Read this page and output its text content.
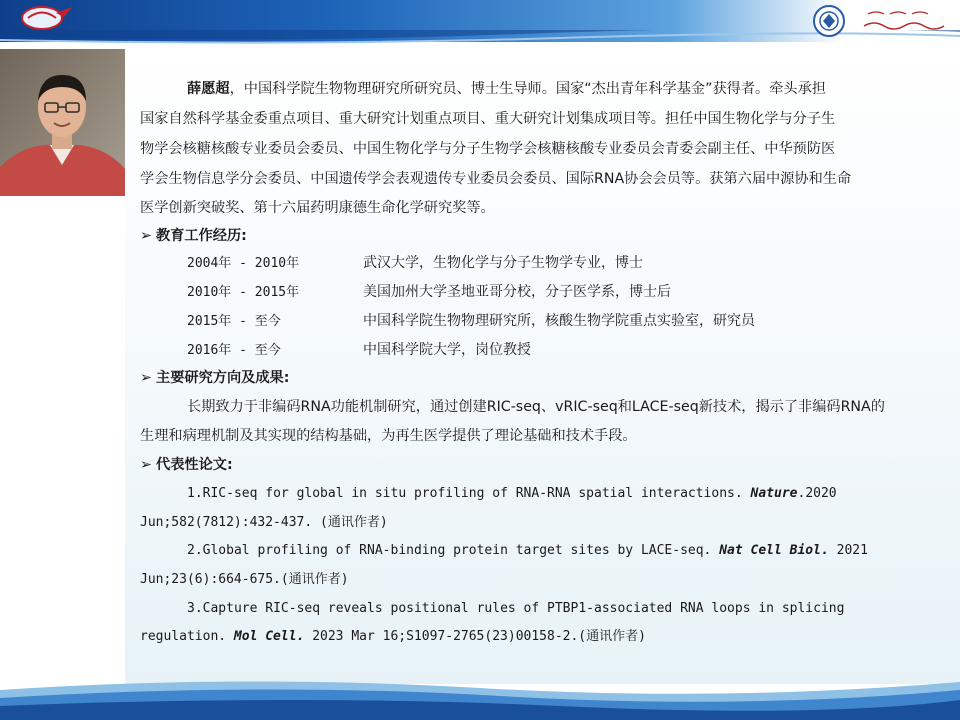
薛愿超，中国科学院生物物理研究所研究员、博士生导师。国家“杰出青年科学基金”获得者。牵头承担
国家自然科学基金委重点项目、重大研究计划重点项目、重大研究计划集成项目等。担任中国生物化学与分子生
物学会核糖核酸专业委员会委员、中国生物化学与分子生物学会核糖核酸专业委员会青委会副主任、中华预防医
学会生物信息学分会委员、中国遗传学会表观遗传专业委员会委员、国际RNA协会会员等。获第六届中源协和生命
医学创新突破奖、第十六届药明康德生命化学研究奖等。
➢ 教育工作经历:
2004年 - 2010年	武汉大学，生物化学与分子生物学专业，博士
2010年 - 2015年	美国加州大学圣地亚哥分校，分子医学系，博士后
2015年 - 至今	中国科学院生物物理研究所，核酸生物学院重点实验室，研究员
2016年 - 至今	中国科学院大学，岗位教授
➢ 主要研究方向及成果:
长期致力于非编码RNA功能机制研究，通过创建RIC-seq、vRIC-seq和LACE-seq新技术，揭示了非编码RNA的
生理和病理机制及其实现的结构基础，为再生医学提供了理论基础和技术手段。
➢ 代表性论文:
1.RIC-seq for global in situ profiling of RNA-RNA spatial interactions. Nature.2020
Jun;582(7812):432-437. (通讯作者)
2.Global profiling of RNA-binding protein target sites by LACE-seq. Nat Cell Biol. 2021
Jun;23(6):664-675.(通讯作者)
3.Capture RIC-seq reveals positional rules of PTBP1-associated RNA loops in splicing
regulation. Mol Cell. 2023 Mar 16;S1097-2765(23)00158-2.(通讯作者)
